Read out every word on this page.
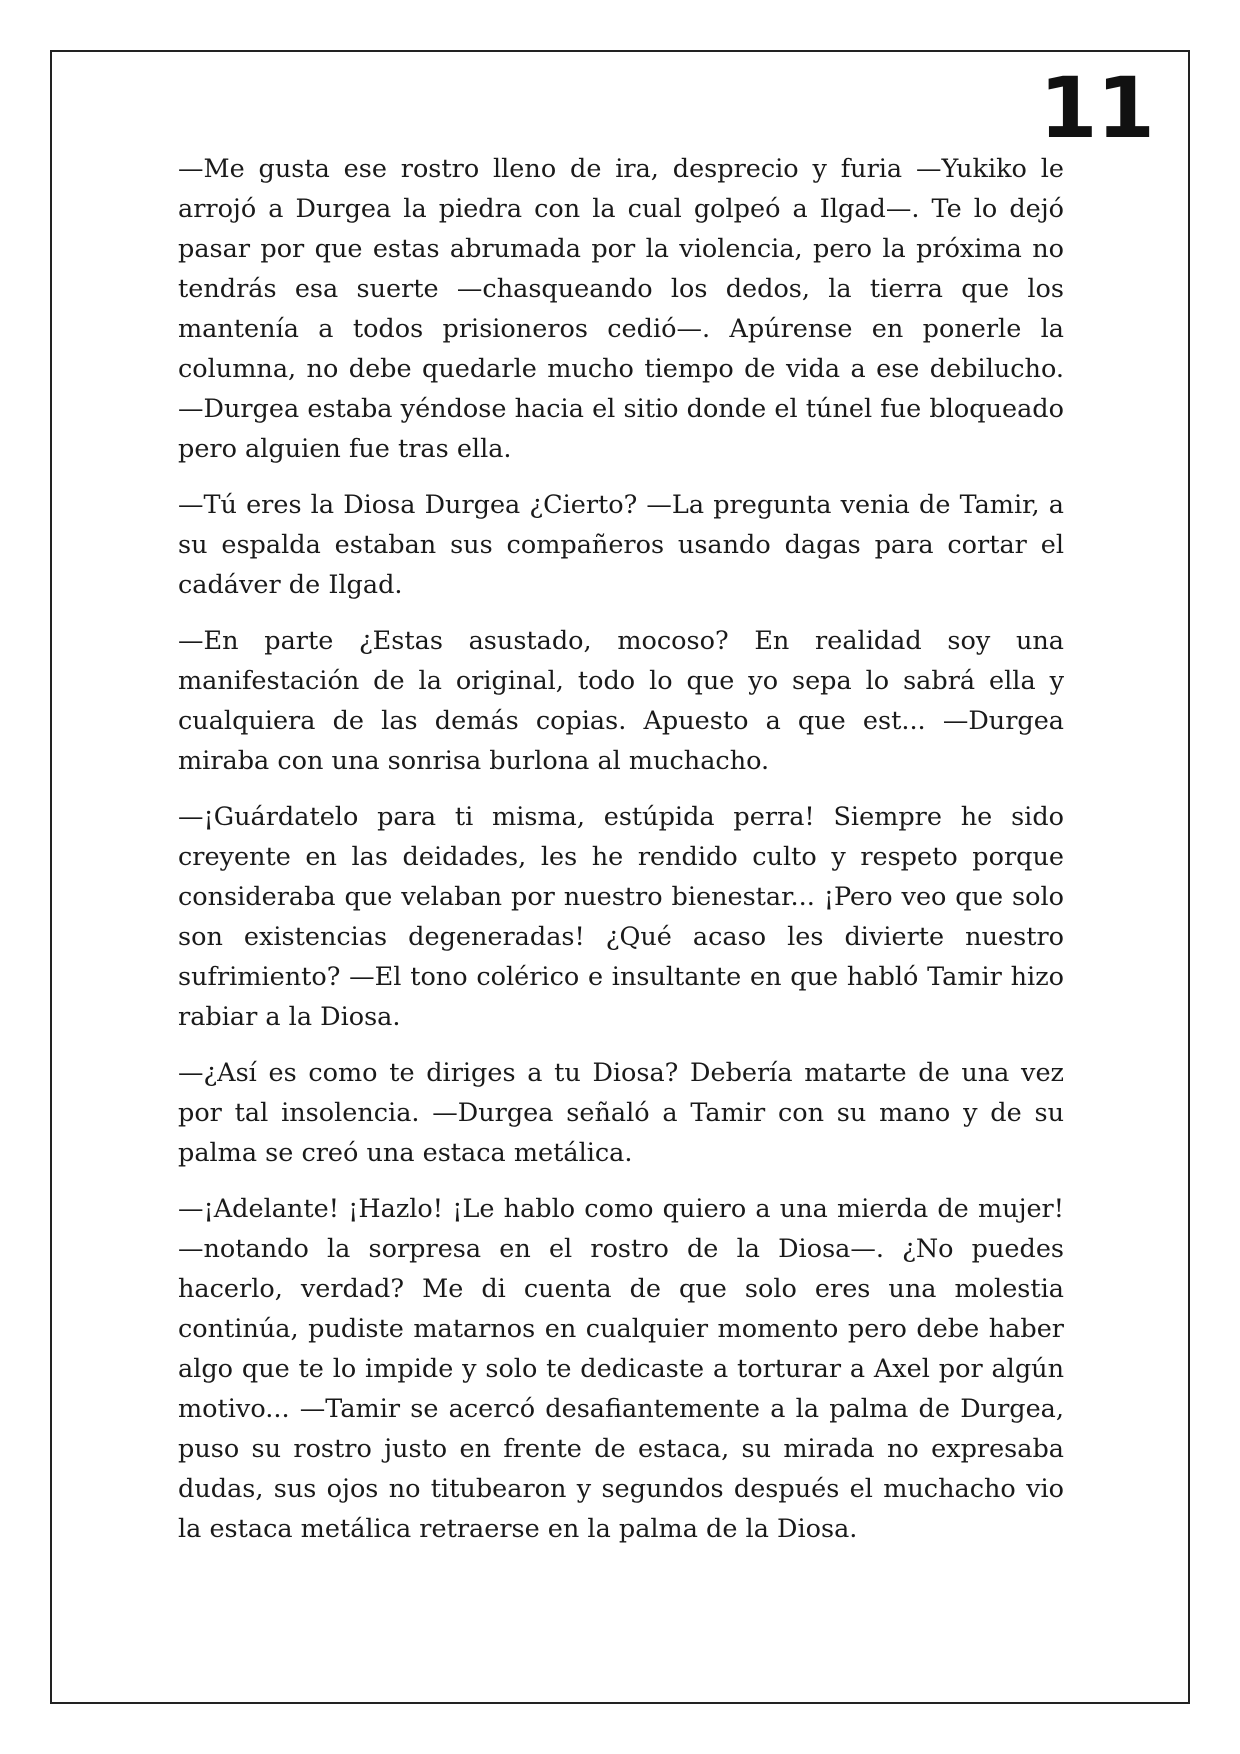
11

—Me gusta ese rostro lleno de ira, desprecio y furia —Yukiko le arrojó a Durgea la piedra con la cual golpeó a Ilgad—. Te lo dejó pasar por que estas abrumada por la violencia, pero la próxima no tendrás esa suerte —chasqueando los dedos, la tierra que los mantenía a todos prisioneros cedió—. Apúrense en ponerle la columna, no debe quedarle mucho tiempo de vida a ese debilucho. —Durgea estaba yéndose hacia el sitio donde el túnel fue bloqueado pero alguien fue tras ella.

—Tú eres la Diosa Durgea ¿Cierto? —La pregunta venia de Tamir, a su espalda estaban sus compañeros usando dagas para cortar el cadáver de Ilgad.

—En parte ¿Estas asustado, mocoso? En realidad soy una manifestación de la original, todo lo que yo sepa lo sabrá ella y cualquiera de las demás copias. Apuesto a que est... —Durgea miraba con una sonrisa burlona al muchacho.

—¡Guárdatelo para ti misma, estúpida perra! Siempre he sido creyente en las deidades, les he rendido culto y respeto porque consideraba que velaban por nuestro bienestar... ¡Pero veo que solo son existencias degeneradas! ¿Qué acaso les divierte nuestro sufrimiento? —El tono colérico e insultante en que habló Tamir hizo rabiar a la Diosa.

—¿Así es como te diriges a tu Diosa? Debería matarte de una vez por tal insolencia. —Durgea señaló a Tamir con su mano y de su palma se creó una estaca metálica.

—¡Adelante! ¡Hazlo! ¡Le hablo como quiero a una mierda de mujer! —notando la sorpresa en el rostro de la Diosa—. ¿No puedes hacerlo, verdad? Me di cuenta de que solo eres una molestia continúa, pudiste matarnos en cualquier momento pero debe haber algo que te lo impide y solo te dedicaste a torturar a Axel por algún motivo... —Tamir se acercó desafiantemente a la palma de Durgea, puso su rostro justo en frente de estaca, su mirada no expresaba dudas, sus ojos no titubearon y segundos después el muchacho vio la estaca metálica retraerse en la palma de la Diosa.
